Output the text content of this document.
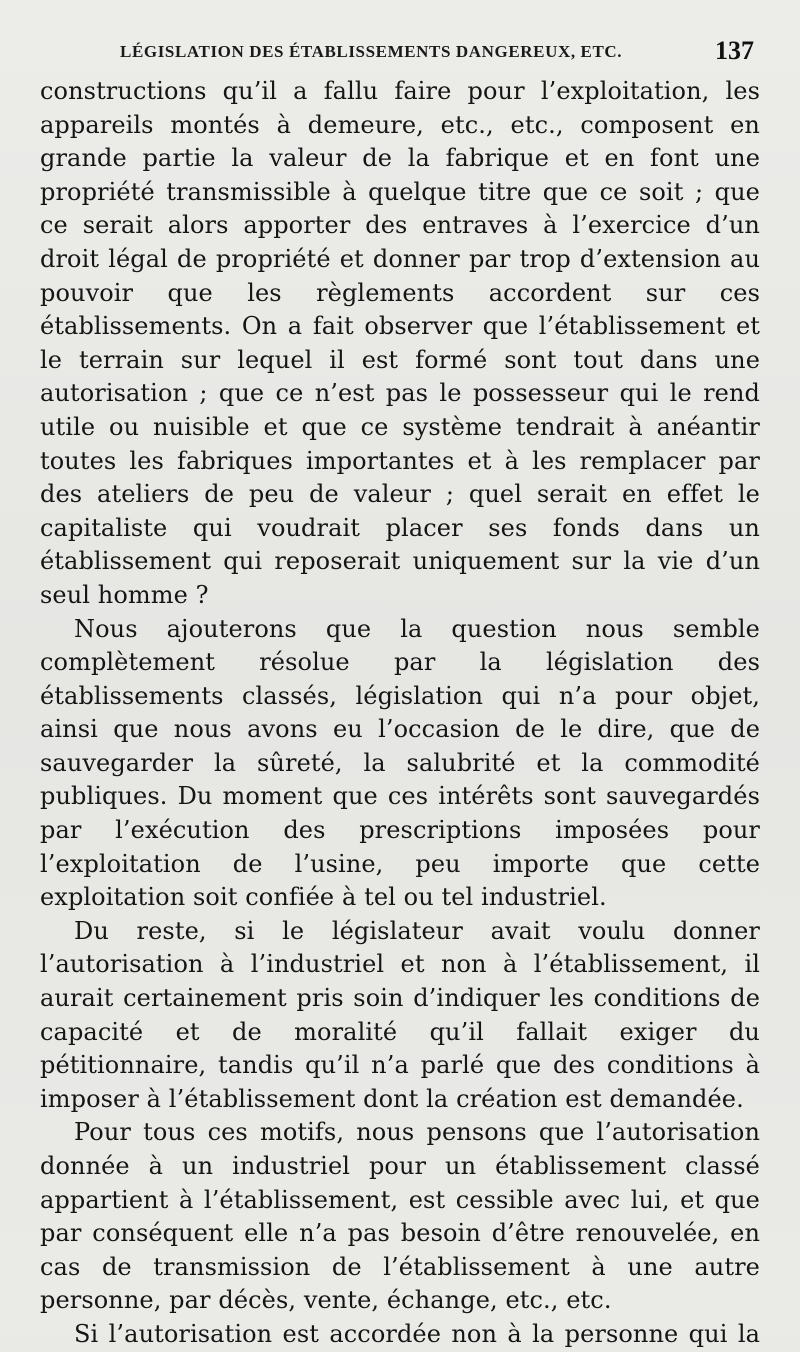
LÉGISLATION DES ÉTABLISSEMENTS DANGEREUX, ETC.	137

constructions qu’il a fallu faire pour l’exploitation, les appareils montés à demeure, etc., etc., composent en grande partie la valeur de la fabrique et en font une propriété transmissible à quelque titre que ce soit ; que ce serait alors apporter des entraves à l’exercice d’un droit légal de propriété et donner par trop d’extension au pouvoir que les règlements accordent sur ces établissements. On a fait observer que l’établissement et le terrain sur lequel il est formé sont tout dans une autorisation ; que ce n’est pas le possesseur qui le rend utile ou nuisible et que ce système tendrait à anéantir toutes les fabriques importantes et à les remplacer par des ateliers de peu de valeur ; quel serait en effet le capitaliste qui voudrait placer ses fonds dans un établissement qui reposerait uniquement sur la vie d’un seul homme ?

Nous ajouterons que la question nous semble complètement résolue par la législation des établissements classés, législation qui n’a pour objet, ainsi que nous avons eu l’occasion de le dire, que de sauvegarder la sûreté, la salubrité et la commodité publiques. Du moment que ces intérêts sont sauvegardés par l’exécution des prescriptions imposées pour l’exploitation de l’usine, peu importe que cette exploitation soit confiée à tel ou tel industriel.

Du reste, si le législateur avait voulu donner l’autorisation à l’industriel et non à l’établissement, il aurait certainement pris soin d’indiquer les conditions de capacité et de moralité qu’il fallait exiger du pétitionnaire, tandis qu’il n’a parlé que des conditions à imposer à l’établissement dont la création est demandée.

Pour tous ces motifs, nous pensons que l’autorisation donnée à un industriel pour un établissement classé appartient à l’établissement, est cessible avec lui, et que par conséquent elle n’a pas besoin d’être renouvelée, en cas de transmission de l’établissement à une autre personne, par décès, vente, échange, etc., etc.

Si l’autorisation est accordée non à la personne qui la
